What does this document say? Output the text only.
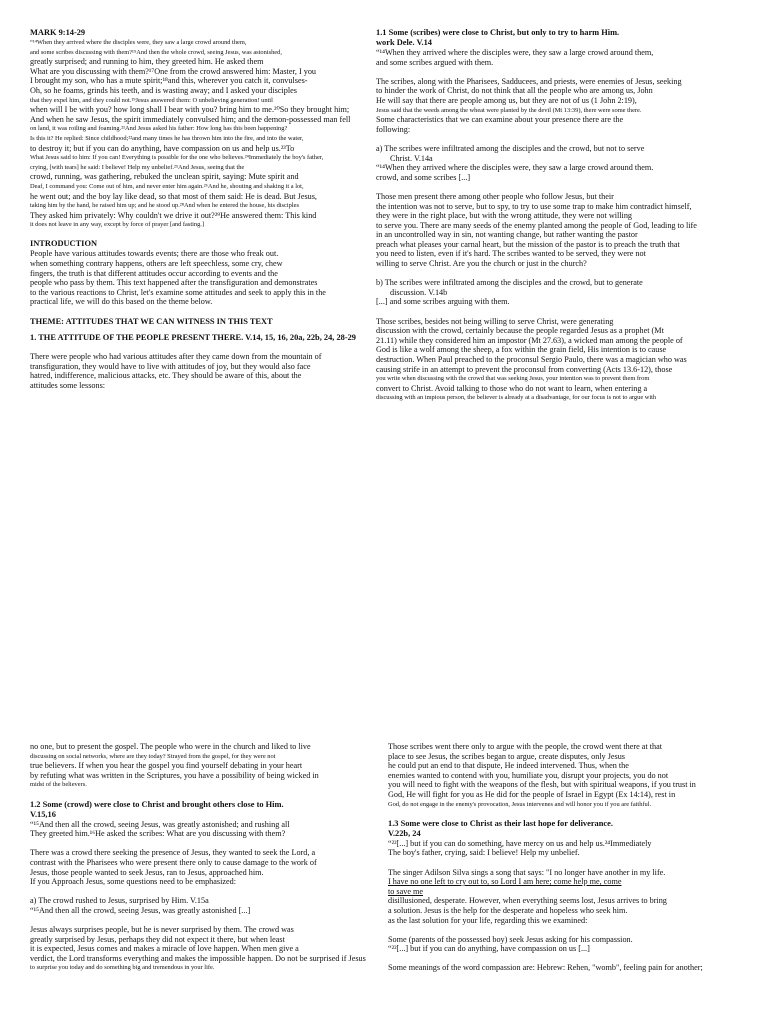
MARK 9:14-29

“¹⁴When they arrived where the disciples were, they saw a large crowd around them,

and some scribes discussing with them?¹⁵And then the whole crowd, seeing Jesus, was astonished,

greatly surprised; and running to him, they greeted him. He asked them

What are you discussing with them?¹⁷One from the crowd answered him: Master, I you

I brought my son, who has a mute spirit;¹⁸and this, wherever you catch it, convulses-

Oh, so he foams, grinds his teeth, and is wasting away; and I asked your disciples

that they expel him, and they could not.¹⁹Jesus answered them: O unbelieving generation! until

when will I be with you? how long shall I bear with you? bring him to me.²⁰So they brought him;

And when he saw Jesus, the spirit immediately convulsed him; and the demon-possessed man fell

on land, it was roiling and foaming.²¹And Jesus asked his father: How long has this been happening?

Is this it? He replied: Since childhood;²²and many times he has thrown him into the fire, and into the water,

to destroy it; but if you can do anything, have compassion on us and help us.²³To

What Jesus said to him: If you can! Everything is possible for the one who believes.²⁴Immediately the boy's father,

crying, [with tears] he said: I believe! Help my unbelief.²⁵And Jesus, seeing that the

crowd, running, was gathering, rebuked the unclean spirit, saying: Mute spirit and

Deaf, I command you: Come out of him, and never enter him again.²⁶And he, shouting and shaking it a lot,

he went out; and the boy lay like dead, so that most of them said: He is dead. But Jesus,

taking him by the hand, he raised him up; and he stood up.²⁸And when he entered the house, his disciples

They asked him privately: Why couldn't we drive it out?²⁹He answered them: This kind

it does not leave in any way, except by force of prayer [and fasting.]

INTRODUCTION

People have various attitudes towards events; there are those who freak out.

when something contrary happens, others are left speechless, some cry, chew

fingers, the truth is that different attitudes occur according to events and the

people who pass by them. This text happened after the transfiguration and demonstrates

to the various reactions to Christ, let's examine some attitudes and seek to apply this in the

practical life, we will do this based on the theme below.

THEME: ATTITUDES THAT WE CAN WITNESS IN THIS TEXT

1. THE ATTITUDE OF THE PEOPLE PRESENT THERE. V.14, 15, 16, 20a, 22b, 24, 28-29

There were people who had various attitudes after they came down from the mountain of

transfiguration, they would have to live with attitudes of joy, but they would also face

hatred, indifference, malicious attacks, etc. They should be aware of this, about the

attitudes some lessons:

1.1 Some (scribes) were close to Christ, but only to try to harm Him.

work Dele. V.14

“¹⁴When they arrived where the disciples were, they saw a large crowd around them,

and some scribes argued with them.

The scribes, along with the Pharisees, Sadducees, and priests, were enemies of Jesus, seeking

to hinder the work of Christ, do not think that all the people who are among us, John

He will say that there are people among us, but they are not of us (1 John 2:19),

Jesus said that the weeds among the wheat were planted by the devil (Mt 13:39), there were some there.

Some characteristics that we can examine about your presence there are the

following:

a) The scribes were infiltrated among the disciples and the crowd, but not to serve

Christ. V.14a

“¹⁴When they arrived where the disciples were, they saw a large crowd around them.

crowd, and some scribes [...]

Those men present there among other people who follow Jesus, but their

the intention was not to serve, but to spy, to try to use some trap to make him contradict himself,

they were in the right place, but with the wrong attitude, they were not willing

to serve you. There are many seeds of the enemy planted among the people of God, leading to life

in an uncontrolled way in sin, not wanting change, but rather wanting the pastor

preach what pleases your carnal heart, but the mission of the pastor is to preach the truth that

you need to listen, even if it's hard. The scribes wanted to be served, they were not

willing to serve Christ. Are you the church or just in the church?

b) The scribes were infiltrated among the disciples and the crowd, but to generate

discussion. V.14b

[...] and some scribes arguing with them.

Those scribes, besides not being willing to serve Christ, were generating

discussion with the crowd, certainly because the people regarded Jesus as a prophet (Mt

21.11) while they considered him an impostor (Mt 27.63), a wicked man among the people of

God is like a wolf among the sheep, a fox within the grain field, His intention is to cause

destruction. When Paul preached to the proconsul Sergio Paulo, there was a magician who was

causing strife in an attempt to prevent the proconsul from converting (Acts 13.6-12), those

you write when discussing with the crowd that was seeking Jesus, your intention was to prevent them from

convert to Christ. Avoid talking to those who do not want to learn, when entering a

discussing with an impious person, the believer is already at a disadvantage, for our focus is not to argue with

no one, but to present the gospel. The people who were in the church and liked to live

discussing on social networks, where are they today? Strayed from the gospel, for they were not

true believers. If when you hear the gospel you find yourself debating in your heart

by refuting what was written in the Scriptures, you have a possibility of being wicked in

midst of the believers.

1.2 Some (crowd) were close to Christ and brought others close to Him.

V.15,16

“¹⁵And then all the crowd, seeing Jesus, was greatly astonished; and rushing all

They greeted him.¹⁶He asked the scribes: What are you discussing with them?

There was a crowd there seeking the presence of Jesus, they wanted to seek the Lord, a

contrast with the Pharisees who were present there only to cause damage to the work of

Jesus, those people wanted to seek Jesus, ran to Jesus, approached him.

If you Approach Jesus, some questions need to be emphasized:

a) The crowd rushed to Jesus, surprised by Him. V.15a

“¹⁵And then all the crowd, seeing Jesus, was greatly astonished [...]

Jesus always surprises people, but he is never surprised by them. The crowd was

greatly surprised by Jesus, perhaps they did not expect it there, but when least

it is expected, Jesus comes and makes a miracle of love happen. When men give a

verdict, the Lord transforms everything and makes the impossible happen. Do not be surprised if Jesus

to surprise you today and do something big and tremendous in your life.

Those scribes went there only to argue with the people, the crowd went there at that

place to see Jesus, the scribes began to argue, create disputes, only Jesus

he could put an end to that dispute, He indeed intervened. Thus, when the

enemies wanted to contend with you, humiliate you, disrupt your projects, you do not

you will need to fight with the weapons of the flesh, but with spiritual weapons, if you trust in

God, He will fight for you as He did for the people of Israel in Egypt (Ex 14:14), rest in

God, do not engage in the enemy's provocation, Jesus intervenes and will honor you if you are faithful.

1.3 Some were close to Christ as their last hope for deliverance.

V.22b, 24

“²²[...] but if you can do something, have mercy on us and help us.²⁴Immediately

The boy's father, crying, said: I believe! Help my unbelief.

The singer Adilson Silva sings a song that says: "I no longer have another in my life.

I have no one left to cry out to, so Lord I am here; come help me, come

to save me

disillusioned, desperate. However, when everything seems lost, Jesus arrives to bring

a solution. Jesus is the help for the desperate and hopeless who seek him.

as the last solution for your life, regarding this we examined:

Some (parents of the possessed boy) seek Jesus asking for his compassion.

“²²[...] but if you can do anything, have compassion on us [...]

Some meanings of the word compassion are: Hebrew: Rehen, "womb", feeling pain for another;
